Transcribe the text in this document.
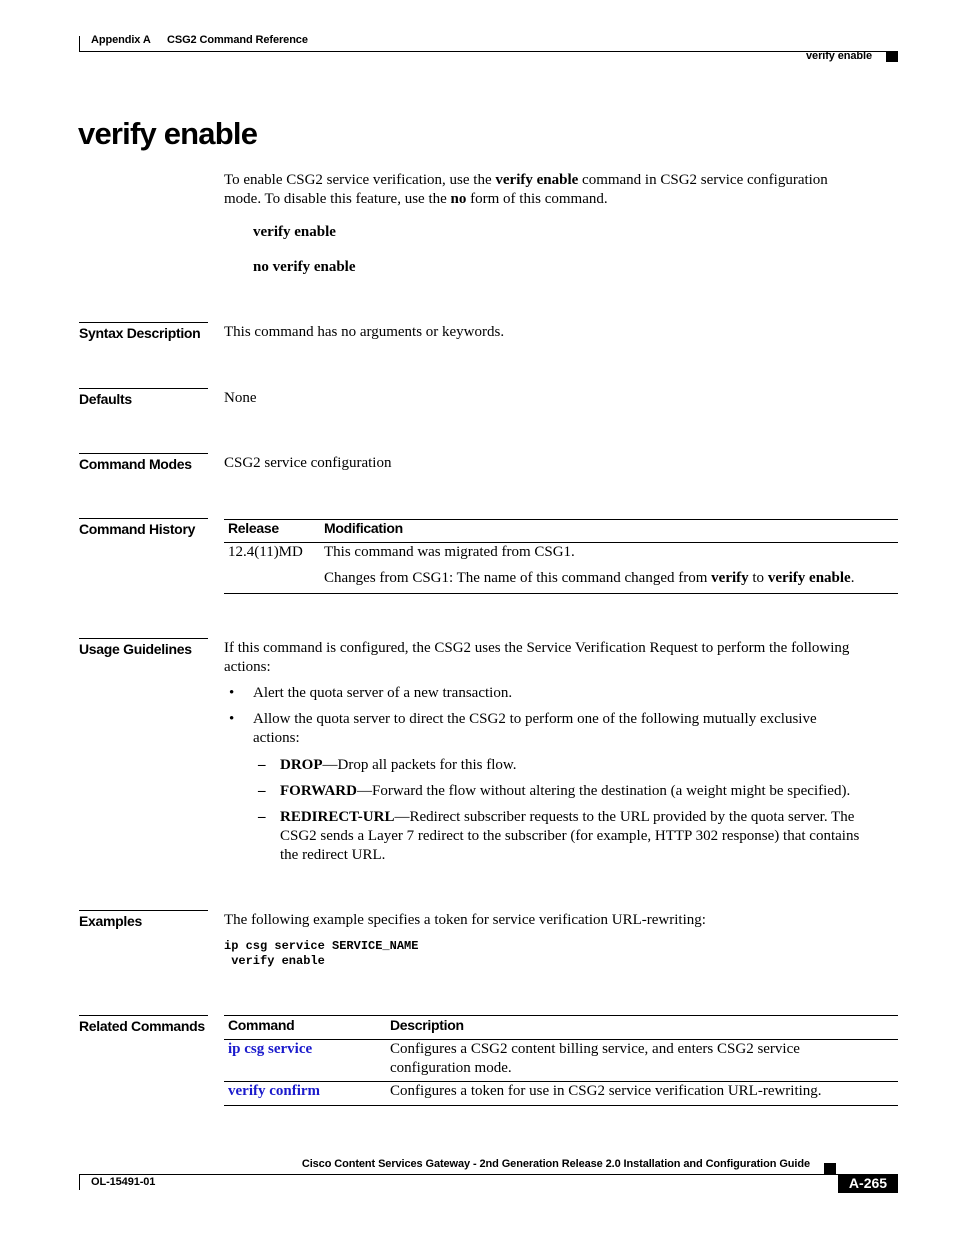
Appendix A CSG2 Command Reference
verify enable
verify enable
To enable CSG2 service verification, use the verify enable command in CSG2 service configuration
mode. To disable this feature, use the no form of this command.
verify enable
no verify enable
Syntax Description	This command has no arguments or keywords.
Defaults	None
Command Modes	CSG2 service configuration
Command History	Release	Modification
12.4(11)MD This command was migrated from CSG1.
Changes from CSG1: The name of this command changed from verify to verify enable.
Usage Guidelines	If this command is configured, the CSG2 uses the Service Verification Request to perform the following
actions:
• Alert the quota server of a new transaction.
• Allow the quota server to direct the CSG2 to perform one of the following mutually exclusive
actions:
– DROP—Drop all packets for this flow.
– FORWARD—Forward the flow without altering the destination (a weight might be specified).
– REDIRECT-URL—Redirect subscriber requests to the URL provided by the quota server. The
CSG2 sends a Layer 7 redirect to the subscriber (for example, HTTP 302 response) that contains
the redirect URL.
Examples	The following example specifies a token for service verification URL-rewriting:
ip csg service SERVICE_NAME
verify enable
Related Commands Command	Description
ip csg service	Configures a CSG2 content billing service, and enters CSG2 service
configuration mode.
verify confirm	Configures a token for use in CSG2 service verification URL-rewriting.
Cisco Content Services Gateway - 2nd Generation Release 2.0 Installation and Configuration Guide
OL-15491-01	A-265
